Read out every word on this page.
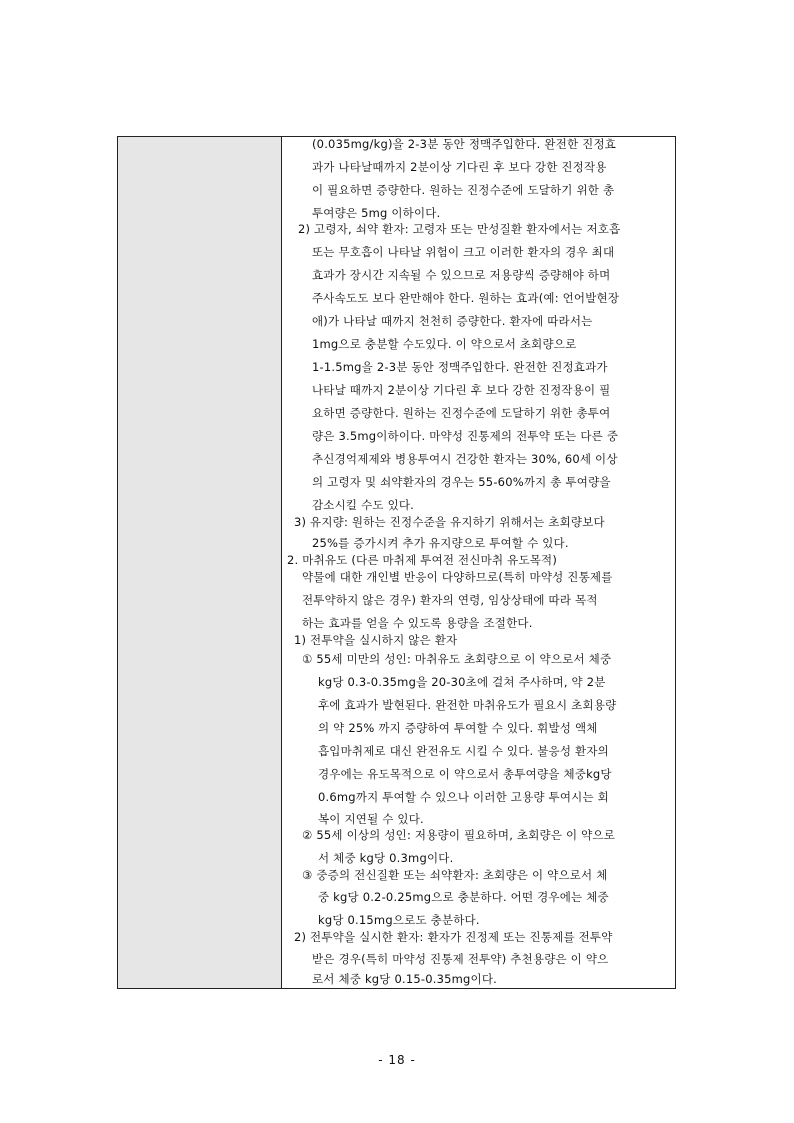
(0.035mg/kg)을 2-3분 동안 정맥주입한다. 완전한 진정효
과가 나타날때까지 2분이상 기다린 후 보다 강한 진정작용
이 필요하면 증량한다. 원하는 진정수준에 도달하기 위한 총
투여량은 5mg 이하이다.
2) 고령자, 쇠약 환자: 고령자 또는 만성질환 환자에서는 저호흡
또는 무호흡이 나타날 위험이 크고 이러한 환자의 경우 최대
효과가 장시간 지속될 수 있으므로 저용량씩 증량해야 하며
주사속도도 보다 완만해야 한다. 원하는 효과(예: 언어발현장
애)가 나타날 때까지 천천히 증량한다. 환자에 따라서는
1mg으로 충분할 수도있다. 이 약으로서 초회량으로
1-1.5mg을 2-3분 동안 정맥주입한다. 완전한 진정효과가
나타날 때까지 2분이상 기다린 후 보다 강한 진정작용이 필
요하면 증량한다. 원하는 진정수준에 도달하기 위한 총투여
량은 3.5mg이하이다. 마약성 진통제의 전투약 또는 다른 중
추신경억제제와 병용투여시 건강한 환자는 30%, 60세 이상
의 고령자 및 쇠약환자의 경우는 55-60%까지 총 투여량을
감소시킬 수도 있다.
3) 유지량: 원하는 진정수준을 유지하기 위해서는 초회량보다
25%를 증가시켜 추가 유지량으로 투여할 수 있다.
2. 마취유도 (다른 마취제 투여전 전신마취 유도목적)
약물에 대한 개인별 반응이 다양하므로(특히 마약성 진통제를
전투약하지 않은 경우) 환자의 연령, 임상상태에 따라 목적
하는 효과를 얻을 수 있도록 용량을 조절한다.
1) 전투약을 실시하지 않은 환자
① 55세 미만의 성인: 마취유도 초회량으로 이 약으로서 체중
kg당 0.3-0.35mg을 20-30초에 걸쳐 주사하며, 약 2분
후에 효과가 발현된다. 완전한 마취유도가 필요시 초회용량
의 약 25% 까지 증량하여 투여할 수 있다. 휘발성 액체
흡입마취제로 대신 완전유도 시킬 수 있다. 불응성 환자의
경우에는 유도목적으로 이 약으로서 총투여량을 체중kg당
0.6mg까지 투여할 수 있으나 이러한 고용량 투여시는 회
복이 지연될 수 있다.
② 55세 이상의 성인: 저용량이 필요하며, 초회량은 이 약으로
서 체중 kg당 0.3mg이다.
③ 중증의 전신질환 또는 쇠약환자: 초회량은 이 약으로서 체
중 kg당 0.2-0.25mg으로 충분하다. 어떤 경우에는 체중
kg당 0.15mg으로도 충분하다.
2) 전투약을 실시한 환자: 환자가 진정제 또는 진통제를 전투약
받은 경우(특히 마약성 진통제 전투약) 추천용량은 이 약으
로서 체중 kg당 0.15-0.35mg이다.
- 18 -
